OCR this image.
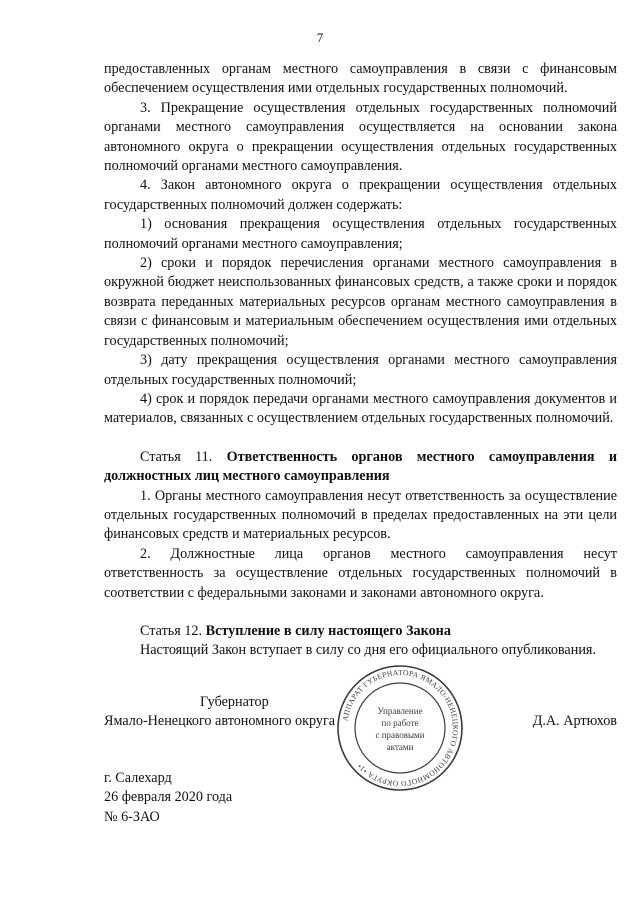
7

предоставленных органам местного самоуправления в связи с финансовым обеспечением осуществления ими отдельных государственных полномочий.

3. Прекращение осуществления отдельных государственных полномочий органами местного самоуправления осуществляется на основании закона автономного округа о прекращении осуществления отдельных государственных полномочий органами местного самоуправления.

4. Закон автономного округа о прекращении осуществления отдельных государственных полномочий должен содержать:

1) основания прекращения осуществления отдельных государственных полномочий органами местного самоуправления;

2) сроки и порядок перечисления органами местного самоуправления в окружной бюджет неиспользованных финансовых средств, а также сроки и порядок возврата переданных материальных ресурсов органам местного самоуправления в связи с финансовым и материальным обеспечением осуществления ими отдельных государственных полномочий;

3) дату прекращения осуществления органами местного самоуправления отдельных государственных полномочий;

4) срок и порядок передачи органами местного самоуправления документов и материалов, связанных с осуществлением отдельных государственных полномочий.

Статья 11. Ответственность органов местного самоуправления и должностных лиц местного самоуправления

1. Органы местного самоуправления несут ответственность за осуществление отдельных государственных полномочий в пределах предоставленных на эти цели финансовых средств и материальных ресурсов.

2. Должностные лица органов местного самоуправления несут ответственность за осуществление отдельных государственных полномочий в соответствии с федеральными законами и законами автономного округа.

Статья 12. Вступление в силу настоящего Закона

Настоящий Закон вступает в силу со дня его официального опубликования.

Губернатор
Ямало-Ненецкого автономного округа	Д.А. Артюхов
АППАРАТ ГУБЕРНАТОРА ЯМАЛО-НЕНЕЦКОГО АВТОНОМНОГО ОКРУГА •1•
Управление
по работе
с правовыми
актами
г. Салехард
26 февраля 2020 года
№ 6-ЗАО
